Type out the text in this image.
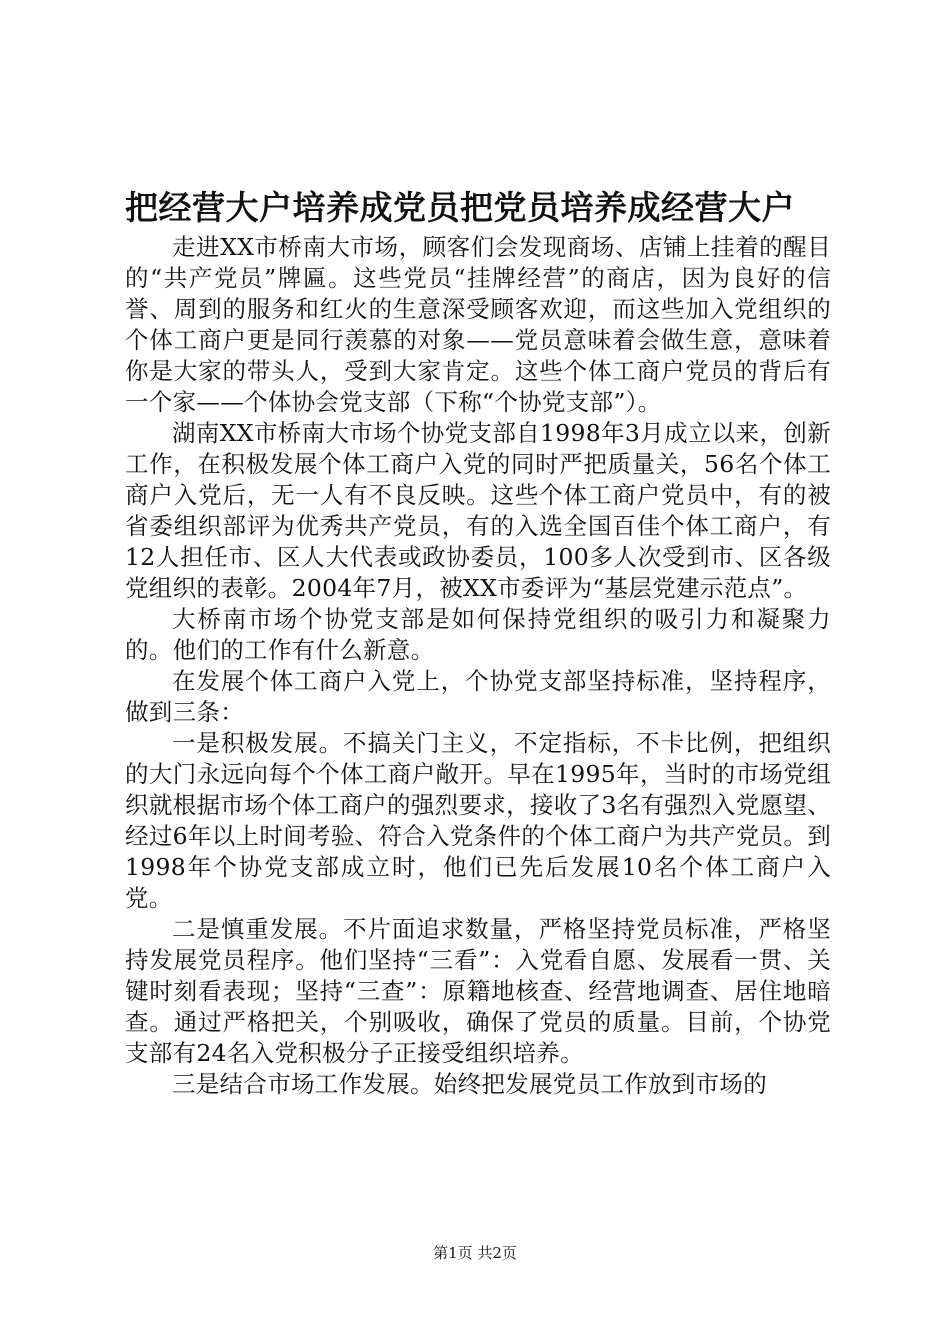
把经营大户培养成党员把党员培养成经营大户

走进XX市桥南大市场，顾客们会发现商场、店铺上挂着的醒目的“共产党员”牌匾。这些党员“挂牌经营”的商店，因为良好的信誉、周到的服务和红火的生意深受顾客欢迎，而这些加入党组织的个体工商户更是同行羡慕的对象——党员意味着会做生意，意味着你是大家的带头人，受到大家肯定。这些个体工商户党员的背后有一个家——个体协会党支部（下称“个协党支部”）。

湖南XX市桥南大市场个协党支部自1998年3月成立以来，创新工作，在积极发展个体工商户入党的同时严把质量关，56名个体工商户入党后，无一人有不良反映。这些个体工商户党员中，有的被省委组织部评为优秀共产党员，有的入选全国百佳个体工商户，有12人担任市、区人大代表或政协委员，100多人次受到市、区各级党组织的表彰。2004年7月，被XX市委评为“基层党建示范点”。

大桥南市场个协党支部是如何保持党组织的吸引力和凝聚力的。他们的工作有什么新意。

在发展个体工商户入党上，个协党支部坚持标准，坚持程序，做到三条：

一是积极发展。不搞关门主义，不定指标，不卡比例，把组织的大门永远向每个个体工商户敞开。早在1995年，当时的市场党组织就根据市场个体工商户的强烈要求，接收了3名有强烈入党愿望、经过6年以上时间考验、符合入党条件的个体工商户为共产党员。到1998年个协党支部成立时，他们已先后发展10名个体工商户入党。

二是慎重发展。不片面追求数量，严格坚持党员标准，严格坚持发展党员程序。他们坚持“三看”：入党看自愿、发展看一贯、关键时刻看表现；坚持“三查”：原籍地核查、经营地调查、居住地暗查。通过严格把关，个别吸收，确保了党员的质量。目前，个协党支部有24名入党积极分子正接受组织培养。

三是结合市场工作发展。始终把发展党员工作放到市场的

第1页 共2页
